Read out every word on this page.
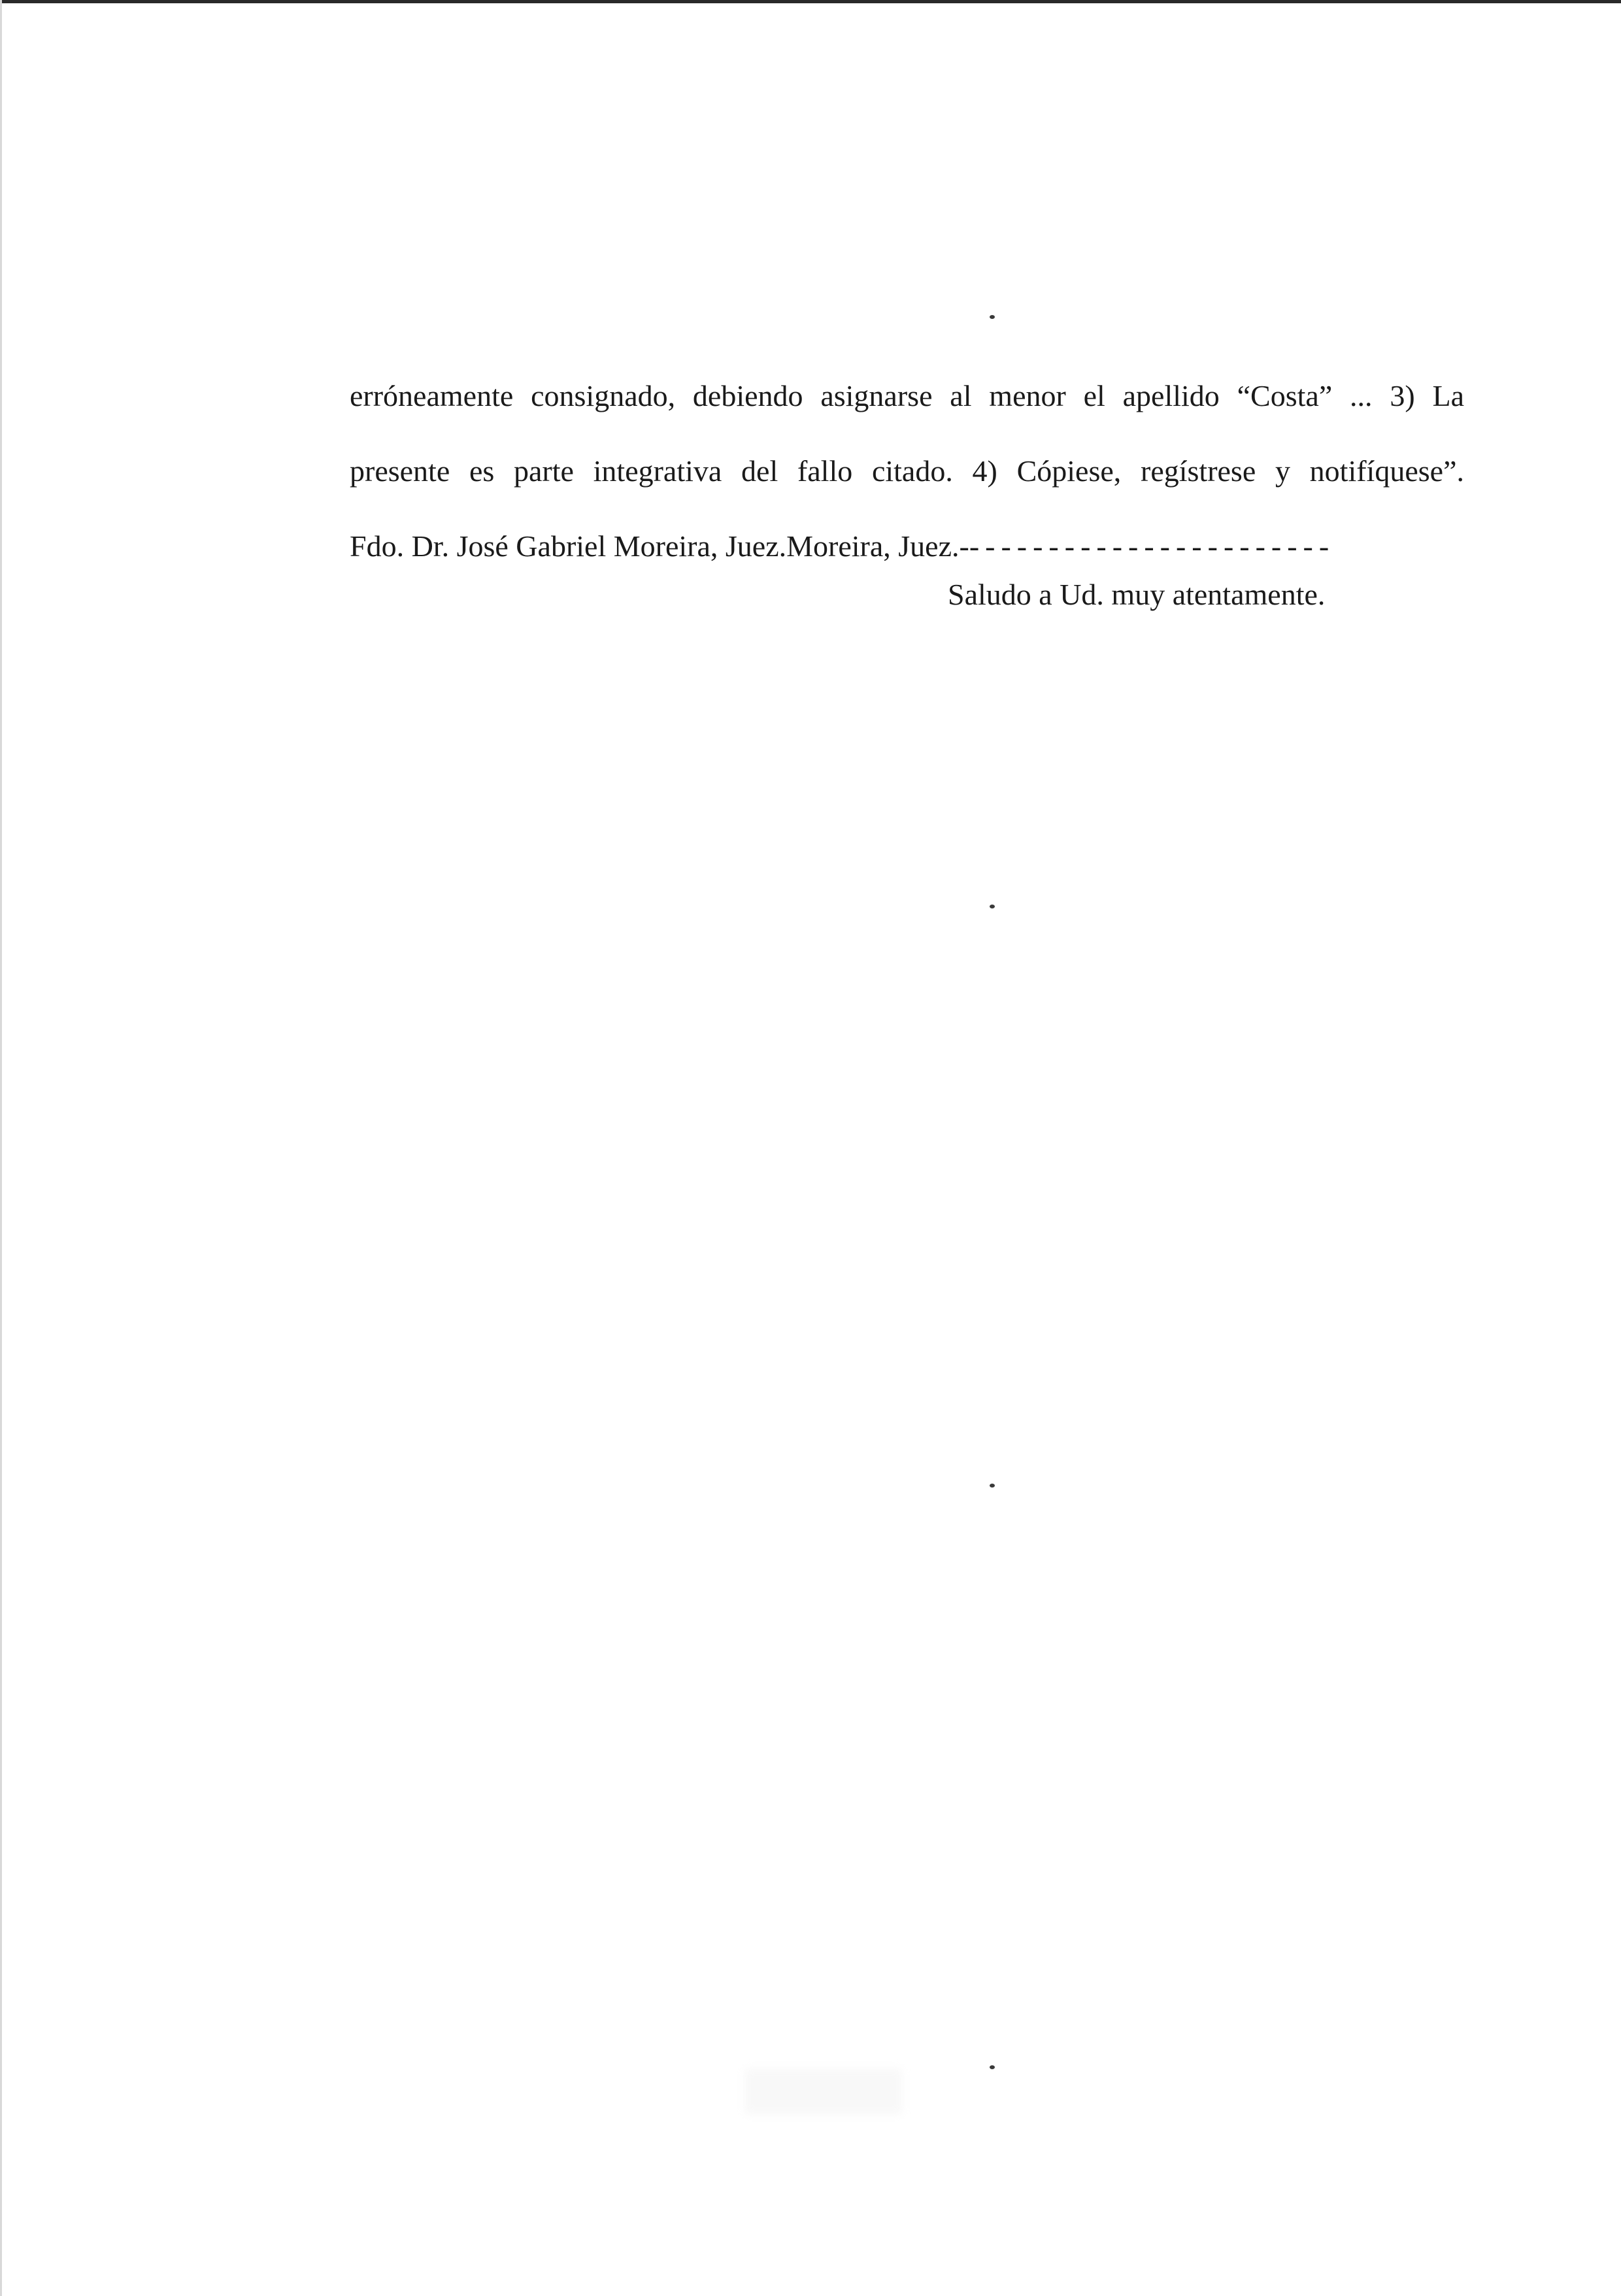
erróneamente consignado, debiendo asignarse al menor el apellido “Costa” ... 3) La
presente es parte integrativa del fallo citado. 4) Cópiese, regístrese y notifíquese”.
Fdo. Dr. José Gabriel Moreira, Juez.Moreira, Juez.------------------------
Saludo a Ud. muy atentamente.
